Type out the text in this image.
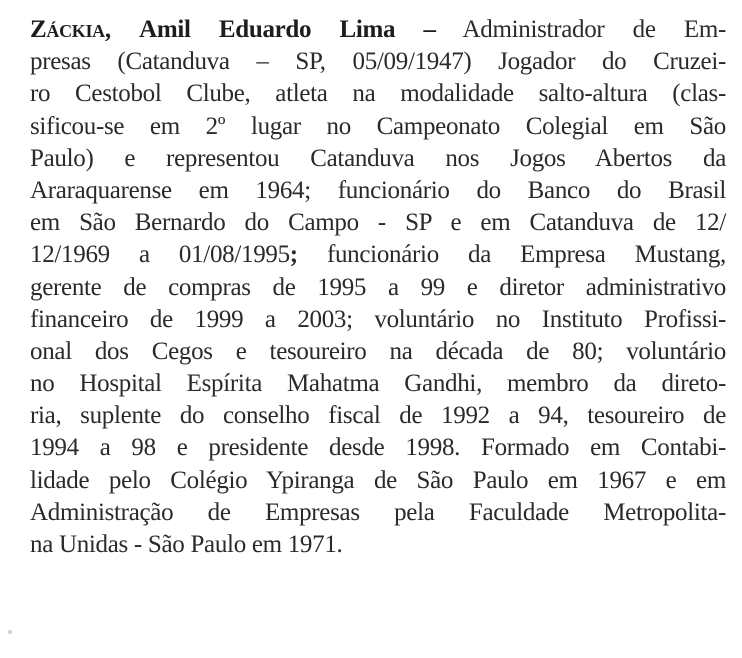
Záckia, Amil Eduardo Lima – Administrador de Em-
presas (Catanduva – SP, 05/09/1947) Jogador do Cruzei-
ro Cestobol Clube, atleta na modalidade salto-altura (clas-
sificou-se em 2º lugar no Campeonato Colegial em São
Paulo) e representou Catanduva nos Jogos Abertos da
Araraquarense em 1964; funcionário do Banco do Brasil
em São Bernardo do Campo - SP e em Catanduva de 12/
12/1969 a 01/08/1995; funcionário da Empresa Mustang,
gerente de compras de 1995 a 99 e diretor administrativo
financeiro de 1999 a 2003; voluntário no Instituto Profissi-
onal dos Cegos e tesoureiro na década de 80; voluntário
no Hospital Espírita Mahatma Gandhi, membro da direto-
ria, suplente do conselho fiscal de 1992 a 94, tesoureiro de
1994 a 98 e presidente desde 1998. Formado em Contabi-
lidade pelo Colégio Ypiranga de São Paulo em 1967 e em
Administração de Empresas pela Faculdade Metropolita-
na Unidas - São Paulo em 1971.
